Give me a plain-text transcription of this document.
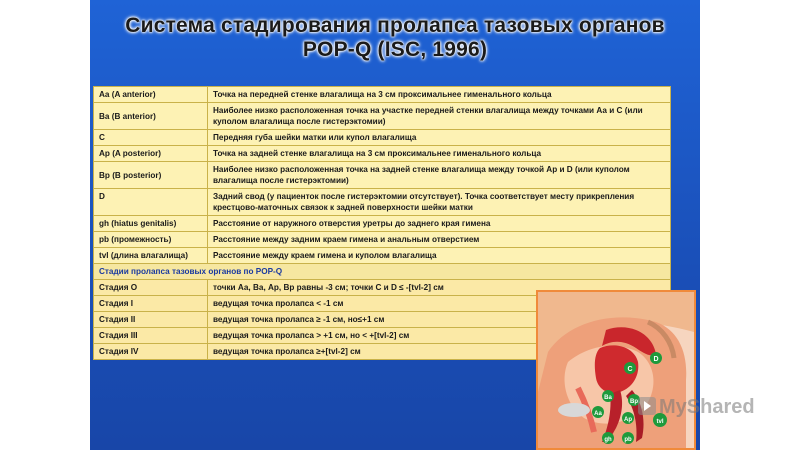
Система стадирования пролапса тазовых органов
POP-Q (ISC, 1996)
Aa (A anterior)	Точка на передней стенке влагалища на 3 см проксимальнее гименального кольца
Ba (B anterior)	Наиболее низко расположенная точка на участке передней стенки влагалища между точками Аа и С (или куполом влагалища после гистерэктомии)
C	Передняя губа шейки матки или купол влагалища
Ap (A posterior)	Точка на задней стенке влагалища на 3 см проксимальнее гименального кольца
Bp (B posterior)	Наиболее низко расположенная точка на задней стенке влагалища между точкой Ар и D (или куполом влагалища после гистерэктомии)
D	Задний свод (у пациенток после гистерэктомии отсутствует). Точка соответствует месту прикрепления крестцово-маточных связок к задней поверхности шейки матки
gh (hiatus genitalis)	Расстояние от наружного отверстия уретры до заднего края гимена
pb (промежность)	Расстояние между задним краем гимена и анальным отверстием
tvl (длина влагалища)	Расстояние между краем гимена и куполом влагалища
Стадии пролапса тазовых органов по POP-Q	
Стадия О	точки Аа, Ва, Ар, Вр равны -3 см; точки С и D ≤ -[tvl-2] см
Стадия I	ведущая точка пролапса < -1 см
Стадия II	ведущая точка пролапса ≥ -1 см, но≤+1 см
Стадия III	ведущая точка пролапса > +1 см, но < +[tvl-2] см
Стадия IV	ведущая точка пролапса ≥+[tvl-2] см
D
C
Ba
Bp
Aa
Ap
gh pb
tvl
MyShared
